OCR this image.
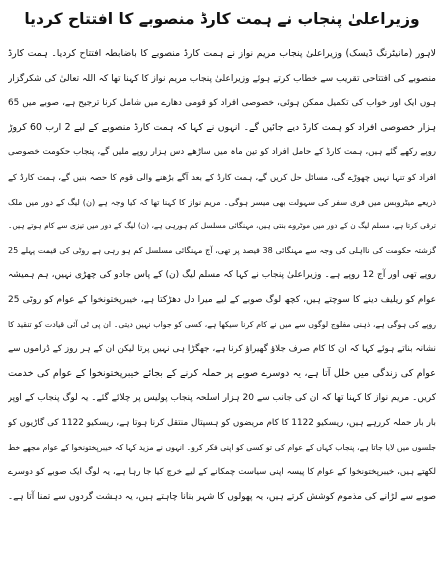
وزیراعلیٰ پنجاب نے ہمت کارڈ منصوبے کا افتتاح کردیا
لاہور (مانیٹرنگ ڈیسک) وزیراعلیٰ پنجاب مریم نواز نے ہمت کارڈ منصوبے کا باضابطہ افتتاح کردیا۔ ہمت کارڈ
منصوبے کی افتتاحی تقریب سے خطاب کرتے ہوئے وزیراعلیٰ پنجاب مریم نواز کا کہنا تھا کہ اللہ تعالیٰ کی شکرگزار
ہوں ایک اور خواب کی تکمیل ممکن ہوئی، خصوصی افراد کو قومی دھارے میں شامل کرنا ترجیح ہے، صوبے میں 65
ہزار خصوصی افراد کو ہمت کارڈ دیے جائیں گے۔ انہوں نے کہا کہ ہمت کارڈ منصوبے کے لیے 2 ارب 60 کروڑ
روپے رکھے گئے ہیں، ہمت کارڈ کے حامل افراد کو تین ماہ میں ساڑھے دس ہزار روپے ملیں گے، پنجاب حکومت خصوصی
افراد کو تنہا نہیں چھوڑے گی، مسائل حل کریں گے، ہمت کارڈ کے بعد آگے بڑھنے والی قوم کا حصہ بنیں گے، ہمت کارڈ کے
ذریعے میٹروبس میں فری سفر کی سہولت بھی میسر ہوگی۔ مریم نواز کا کہنا تھا کہ کیا وجہ ہے (ن) لیگ کے دور میں ملک
ترقی کرتا ہے، مسلم لیگ ن کے دور میں موٹروے بنتی ہیں، مہنگائی مسلسل کم ہورہی ہے، (ن) لیگ کے دور میں تیزی سے کام ہوتے ہیں۔
گزشتہ حکومت کی نااہلی کی وجہ سے مہنگائی 38 فیصد پر تھی، آج مہنگائی مسلسل کم ہو رہی ہے روٹی کی قیمت پہلے 25
روپے تھی اور آج 12 روپے ہے۔ وزیراعلیٰ پنجاب نے کہا کہ مسلم لیگ (ن) کے پاس جادو کی چھڑی نہیں، ہم ہمیشہ
عوام کو ریلیف دینے کا سوچتے ہیں، کچھ لوگ صوبے کے لیے میرا دل دھڑکتا ہے، خیبرپختونخوا کے عوام کو روٹی 25
روپے کی ہوگی ہے، ذہنی مفلوج لوگوں سے میں نے کام کرنا سیکھا ہے، کسی کو جواب نہیں دیتی۔ ان پی ٹی آئی قیادت کو تنقید کا
نشانہ بناتے ہوئے کہا کہ ان کا کام صرف جلاؤ گھیراؤ کرنا ہے، جھگڑا ہی نہیں پرتا لیکن ان کے ہر روز کے ڈراموں سے
عوام کی زندگی میں خلل آتا ہے، یہ دوسرے صوبے پر حملہ کرنے کے بجائے خیبرپختونخوا کے عوام کی خدمت
کریں۔ مریم نواز کا کہنا تھا کہ ان کی جانب سے 20 ہزار اسلحہ پنجاب پولیس پر چلائے گئے۔ یہ لوگ پنجاب کے اوپر
بار بار حملہ کررہے ہیں، ریسکیو 1122 کا کام مریضوں کو ہسپتال منتقل کرنا ہوتا ہے، ریسکیو 1122 کی گاڑیوں کو
جلسوں میں لایا جاتا ہے، پنجاب کہاں کے عوام کی تو کسی کو اپنی فکر کرو۔ انہوں نے مزید کہا کہ خیبرپختونخوا کے عوام مجھے خط
لکھتے ہیں، خیبرپختونخوا کے عوام کا پیسہ اپنی سیاست چمکانے کے لیے خرچ کیا جا رہا ہے، یہ لوگ ایک صوبے کو دوسرے
صوبے سے لڑانے کی مذموم کوشش کرتے ہیں، یہ پھولوں کا شہر بنانا چاہتے ہیں، یہ دہشت گردوں سے تمنا آتا ہے۔
